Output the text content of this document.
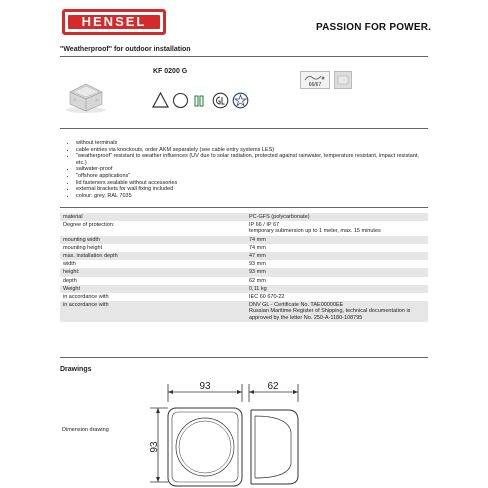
HENSEL	PASSION FOR POWER.
"Weatherproof" for outdoor installation
KF 0200 G
66/67
• without terminals
• cable entries via knockouts, order AKM separately (see cable entry systems LES)
• "weatherproof" resistant to weather influences (UV due to solar radiation, protected against rainwater, temperature resistant, impact resistant, etc.)
• saltwater-proof
• "offshore applications"
• lid fasteners sealable without accessories
• external brackets for wall fixing included
• colour: grey, RAL 7035
material	PC-GFS (polycarbonate)
Degree of protection:	IP 66 / IP 67
temporary submersion up to 1 meter, max. 15 minutes
mounting width	74 mm
mounting height	74 mm
max. installation depth	47 mm
width	93 mm
height:	93 mm
depth	62 mm
Weight	0,11 kg
in accordance with	IEC 60 670-22
in accordance with	DNV GL - Certificate No. TAE00000EE
Russian Maritime Register of Shipping, technical documentation is approved by the letter No. 250-A-1180-108795
Drawings
Dimension drawing
93	62
93
